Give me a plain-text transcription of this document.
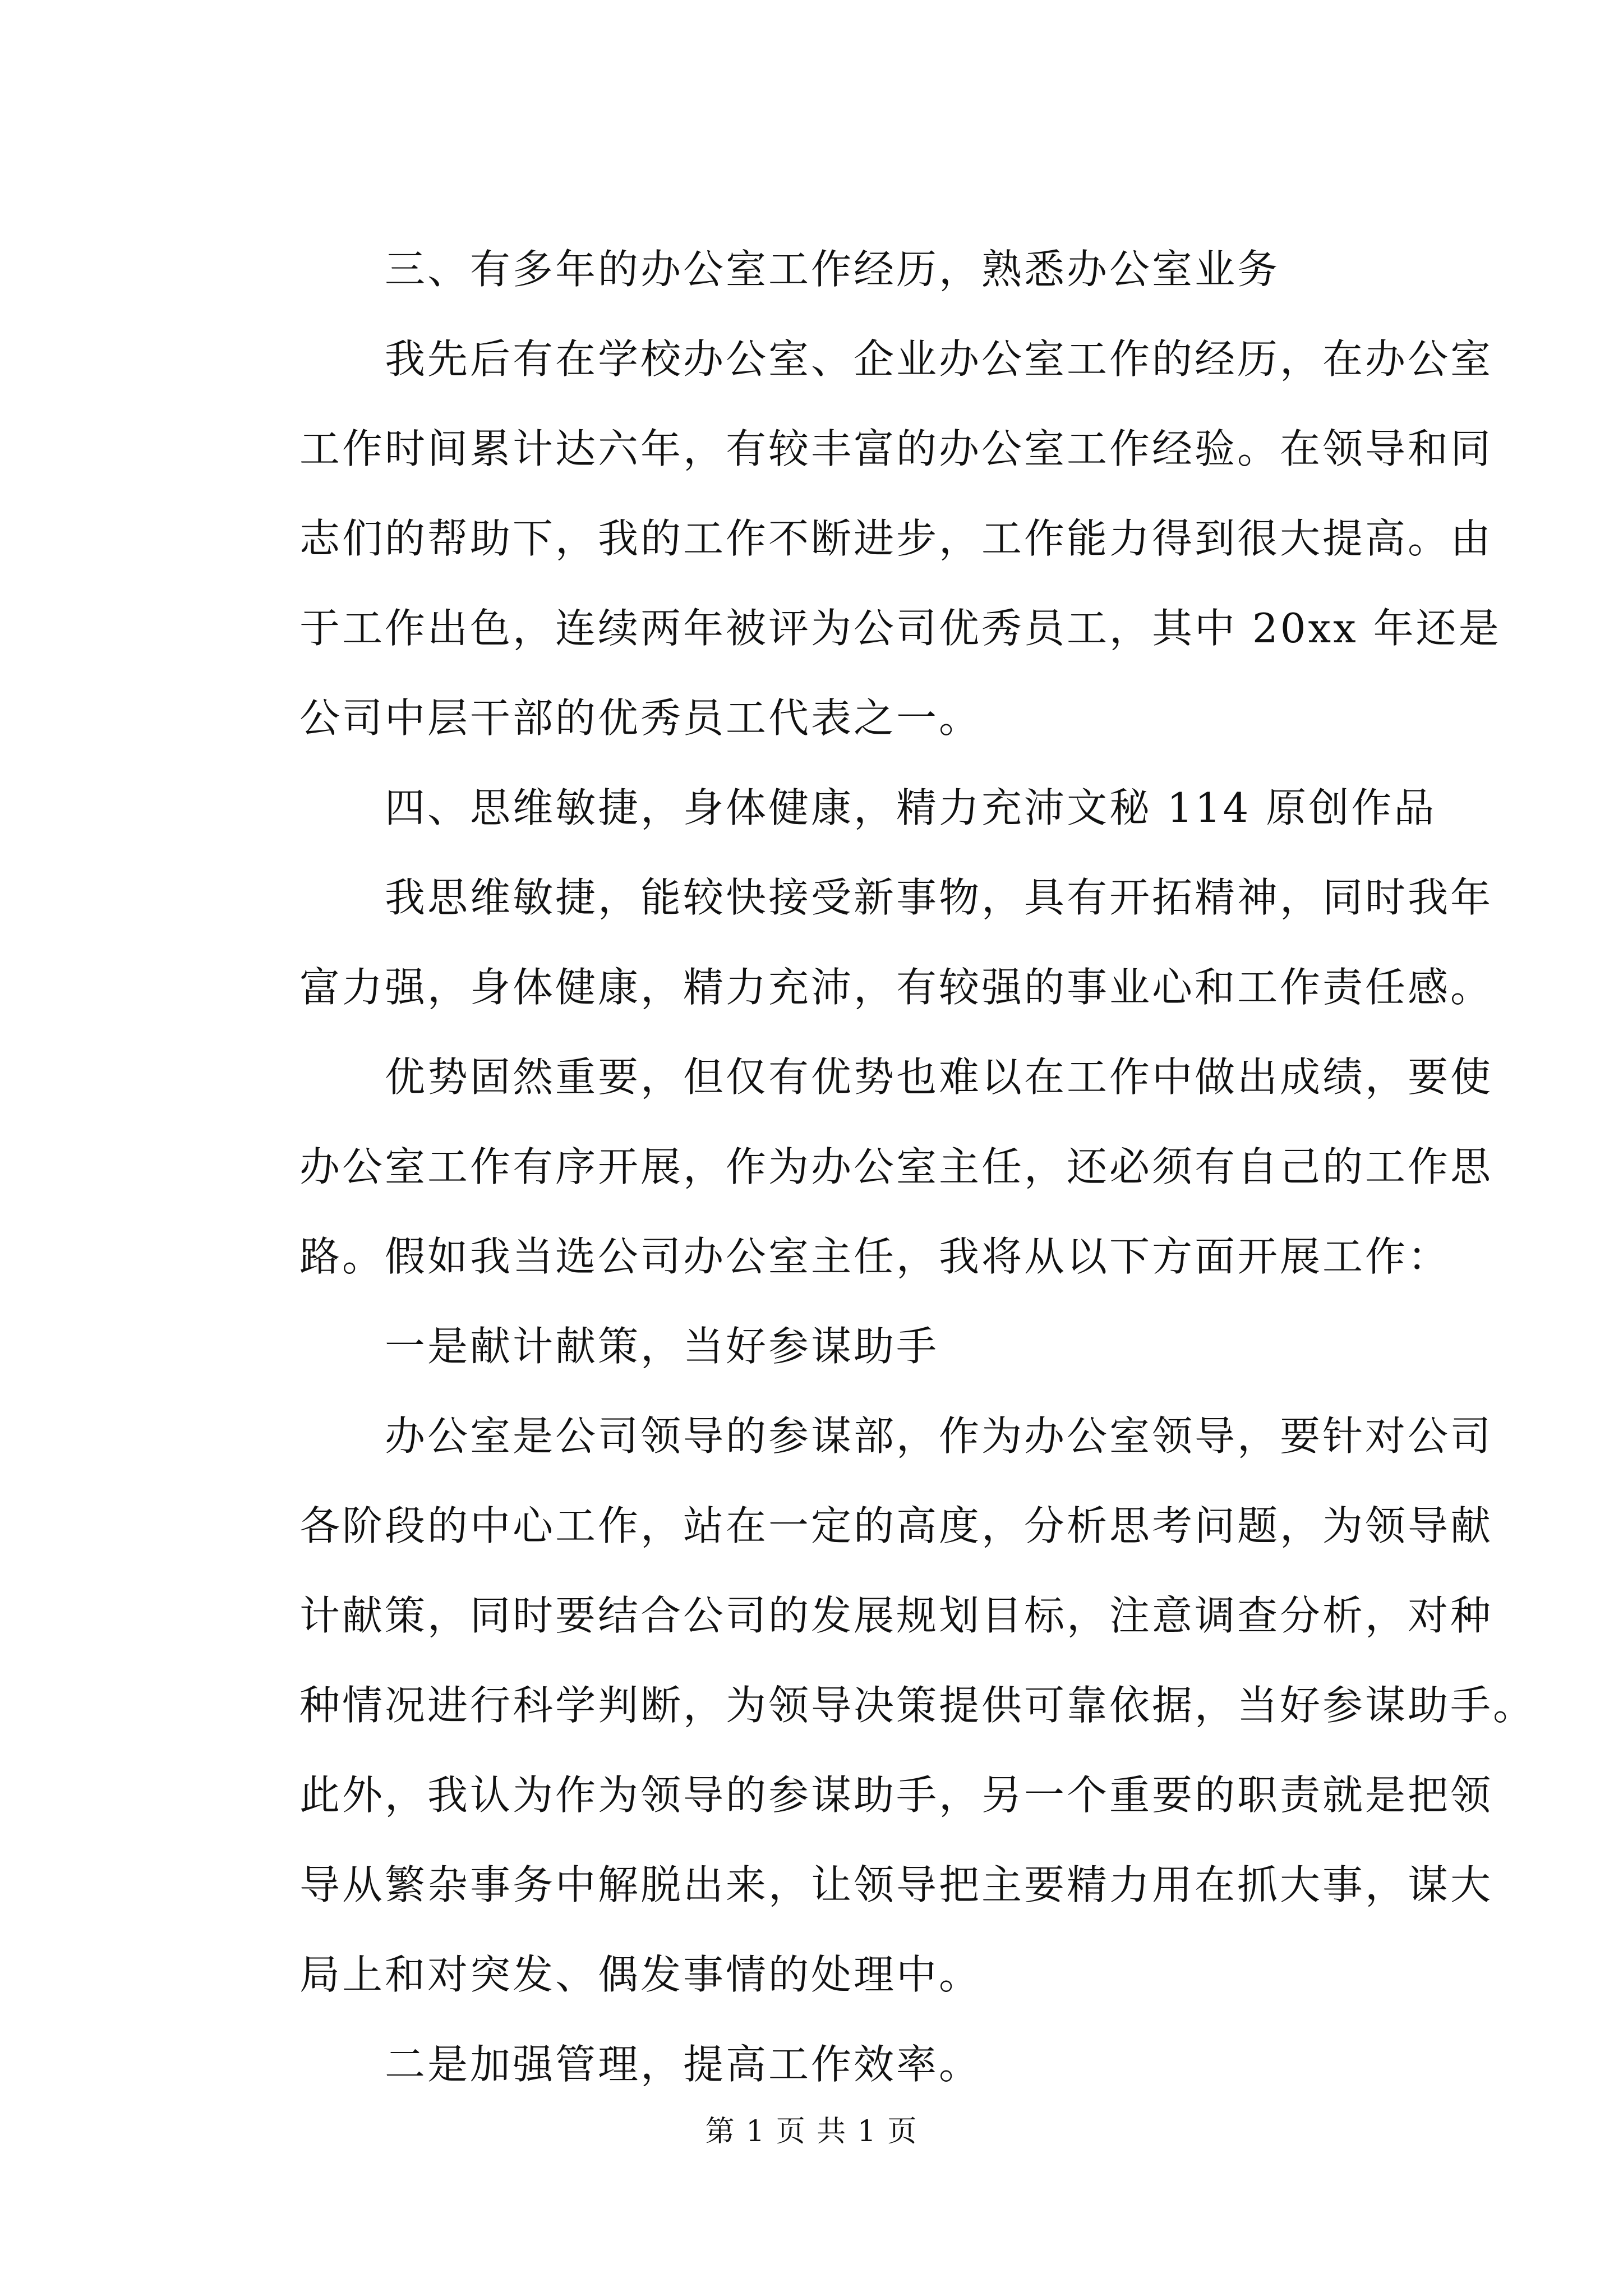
　　三、有多年的办公室工作经历，熟悉办公室业务
　　我先后有在学校办公室、企业办公室工作的经历，在办公室
工作时间累计达六年，有较丰富的办公室工作经验。在领导和同
志们的帮助下，我的工作不断进步，工作能力得到很大提高。由
于工作出色，连续两年被评为公司优秀员工，其中 20xx 年还是
公司中层干部的优秀员工代表之一。
　　四、思维敏捷，身体健康，精力充沛文秘 114 原创作品
　　我思维敏捷，能较快接受新事物，具有开拓精神，同时我年
富力强，身体健康，精力充沛，有较强的事业心和工作责任感。
　　优势固然重要，但仅有优势也难以在工作中做出成绩，要使
办公室工作有序开展，作为办公室主任，还必须有自己的工作思
路。假如我当选公司办公室主任，我将从以下方面开展工作：
　　一是献计献策，当好参谋助手
　　办公室是公司领导的参谋部，作为办公室领导，要针对公司
各阶段的中心工作，站在一定的高度，分析思考问题，为领导献
计献策，同时要结合公司的发展规划目标，注意调查分析，对种
种情况进行科学判断，为领导决策提供可靠依据，当好参谋助手。
此外，我认为作为领导的参谋助手，另一个重要的职责就是把领
导从繁杂事务中解脱出来，让领导把主要精力用在抓大事，谋大
局上和对突发、偶发事情的处理中。
　　二是加强管理，提高工作效率。
第 1 页 共 1 页
